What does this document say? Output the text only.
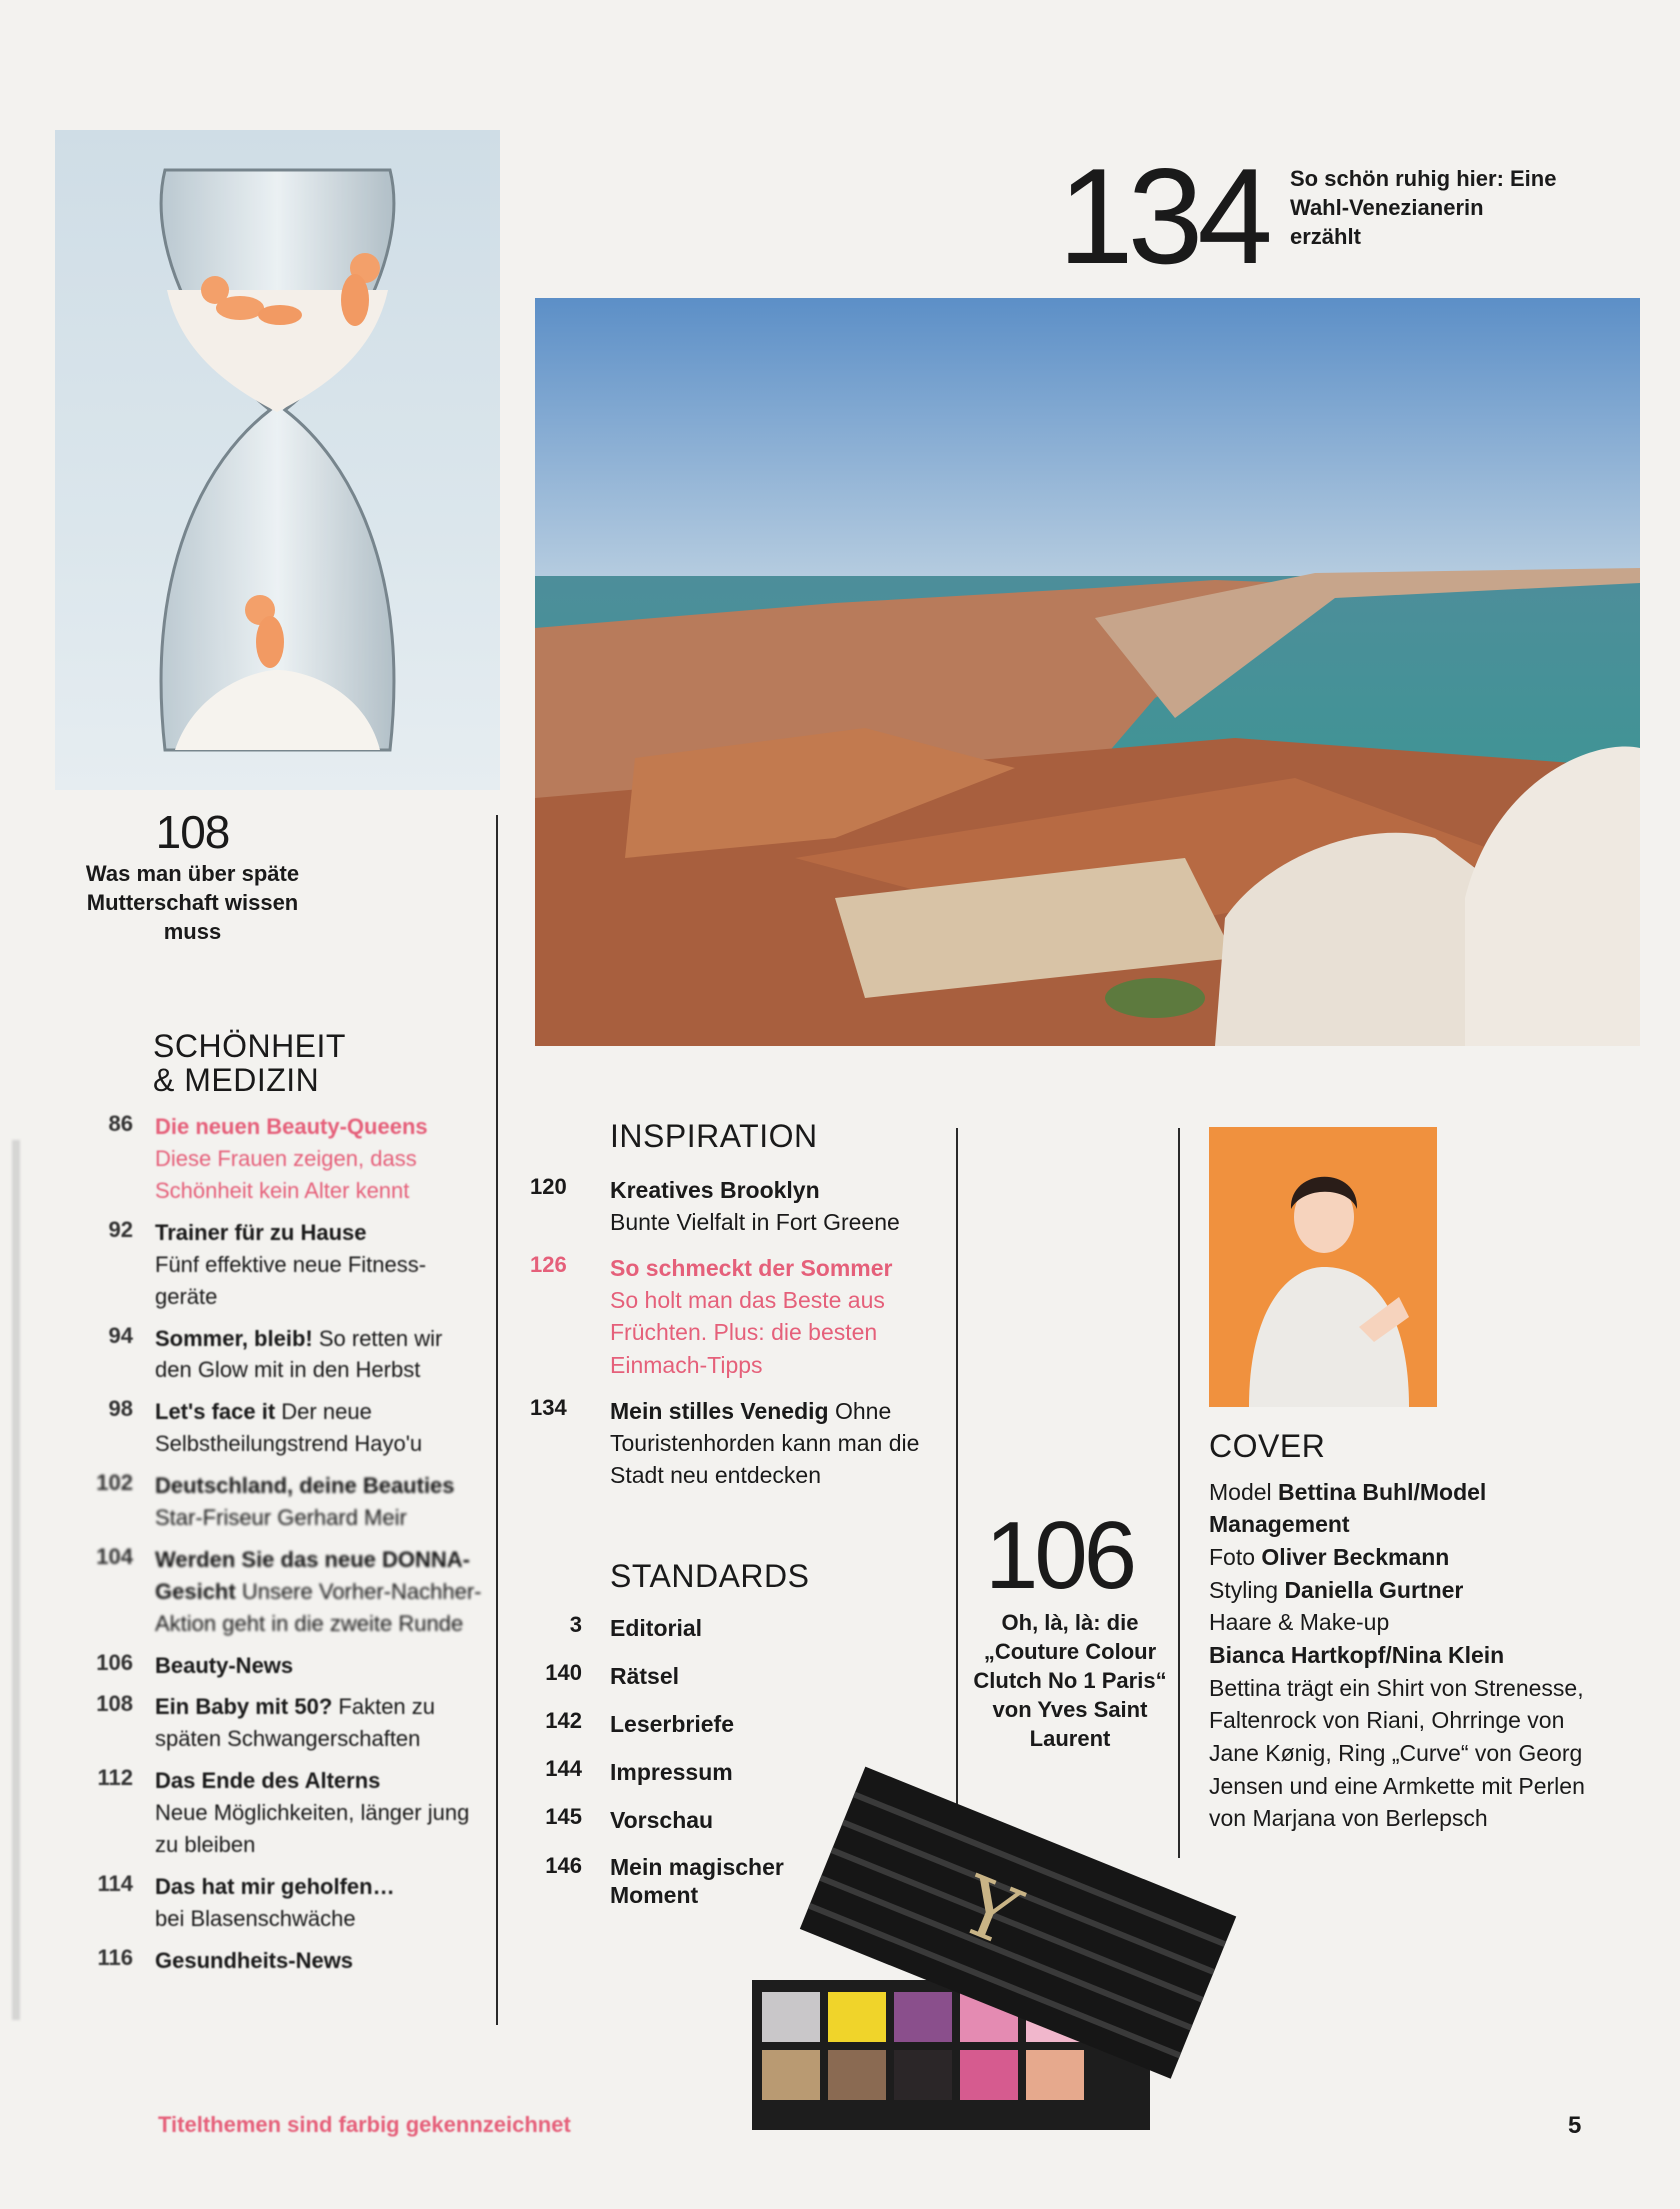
108
Was man über späte Mutterschaft wissen muss
134 So schön ruhig hier: Eine Wahl-Venezianerin erzählt
SCHÖNHEIT
& MEDIZIN
86	Die neuen Beauty-Queens
Diese Frauen zeigen, dass Schönheit kein Alter kennt
92	Trainer für zu Hause
Fünf effektive neue Fitness-geräte
94	Sommer, bleib! So retten wir den Glow mit in den Herbst
98	Let's face it Der neue Selbstheilungstrend Hayo'u
102	Deutschland, deine Beauties Star-Friseur Gerhard Meir
104	Werden Sie das neue DONNA-Gesicht Unsere Vorher-Nachher-Aktion geht in die zweite Runde
106	Beauty-News
108	Ein Baby mit 50? Fakten zu späten Schwangerschaften
112	Das Ende des Alterns
Neue Möglichkeiten, länger jung zu bleiben
114	Das hat mir geholfen…
bei Blasenschwäche
116	Gesundheits-News
INSPIRATION
120	Kreatives Brooklyn
Bunte Vielfalt in Fort Greene
126	So schmeckt der Sommer
So holt man das Beste aus Früchten. Plus: die besten Einmach-Tipps
134	Mein stilles Venedig Ohne Touristenhorden kann man die Stadt neu entdecken
STANDARDS
3	Editorial
140	Rätsel
142	Leserbriefe
144	Impressum
145	Vorschau
146	Mein magischer Moment
106
Oh, là, là: die „Couture Colour Clutch No 1 Paris“ von Yves Saint Laurent
COVER
Model Bettina Buhl/Model Management
Foto Oliver Beckmann
Styling Daniella Gurtner
Haare & Make-up
Bianca Hartkopf/Nina Klein
Bettina trägt ein Shirt von Strenesse, Faltenrock von Riani, Ohrringe von Jane Kønig, Ring „Curve“ von Georg Jensen und eine Armkette mit Perlen von Marjana von Berlepsch
Y
Titelthemen sind farbig gekennzeichnet	5
